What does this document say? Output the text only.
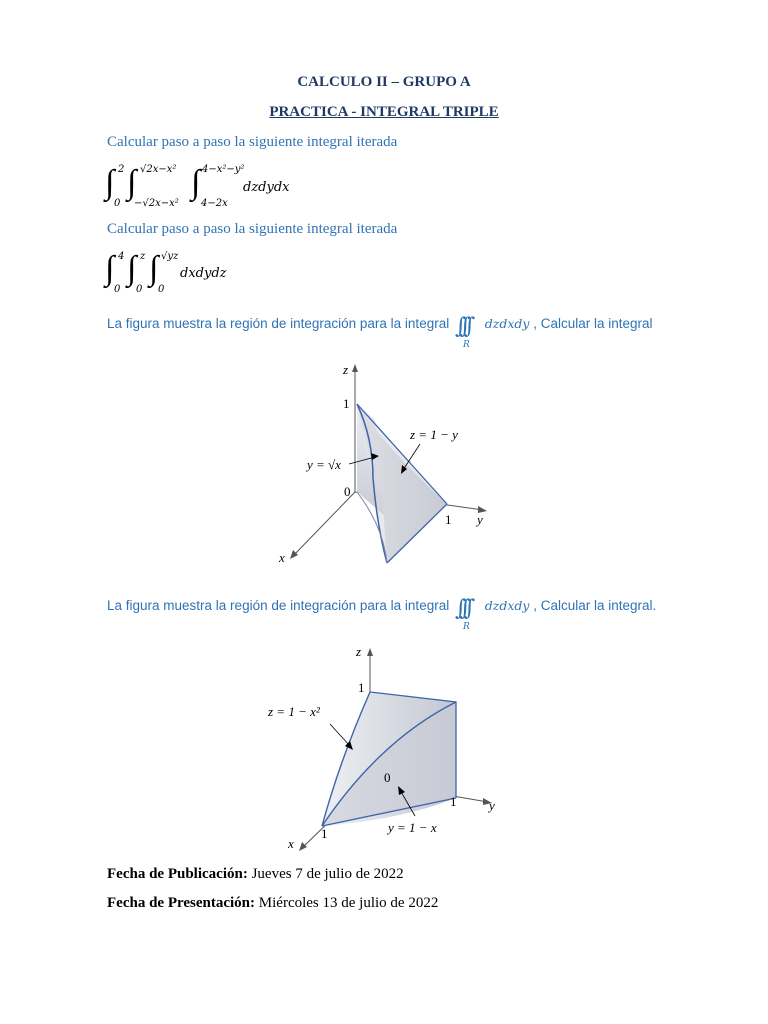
CALCULO II – GRUPO A
PRACTICA - INTEGRAL TRIPLE
Calcular paso a paso la siguiente integral iterada
∫ 2
0
∫ √2x−x²
−√2x−x²
∫ 4−x²−y²
4−2x
dzdydx
Calcular paso a paso la siguiente integral iterada
∫ 4
0
∫ z
0
∫ √yz
0
dxdydz
La figura muestra la región de integración para la integral ∫∫∫
R
dzdxdy , Calcular la integral
z
1
0
1 y
x
z = 1 − y
y = √x
La figura muestra la región de integración para la integral ∫∫∫
R
dzdxdy , Calcular la integral.
z
1
0
1	y
1
x
z = 1 − x²
y = 1 − x
Fecha de Publicación: Jueves 7 de julio de 2022
Fecha de Presentación: Miércoles 13 de julio de 2022
